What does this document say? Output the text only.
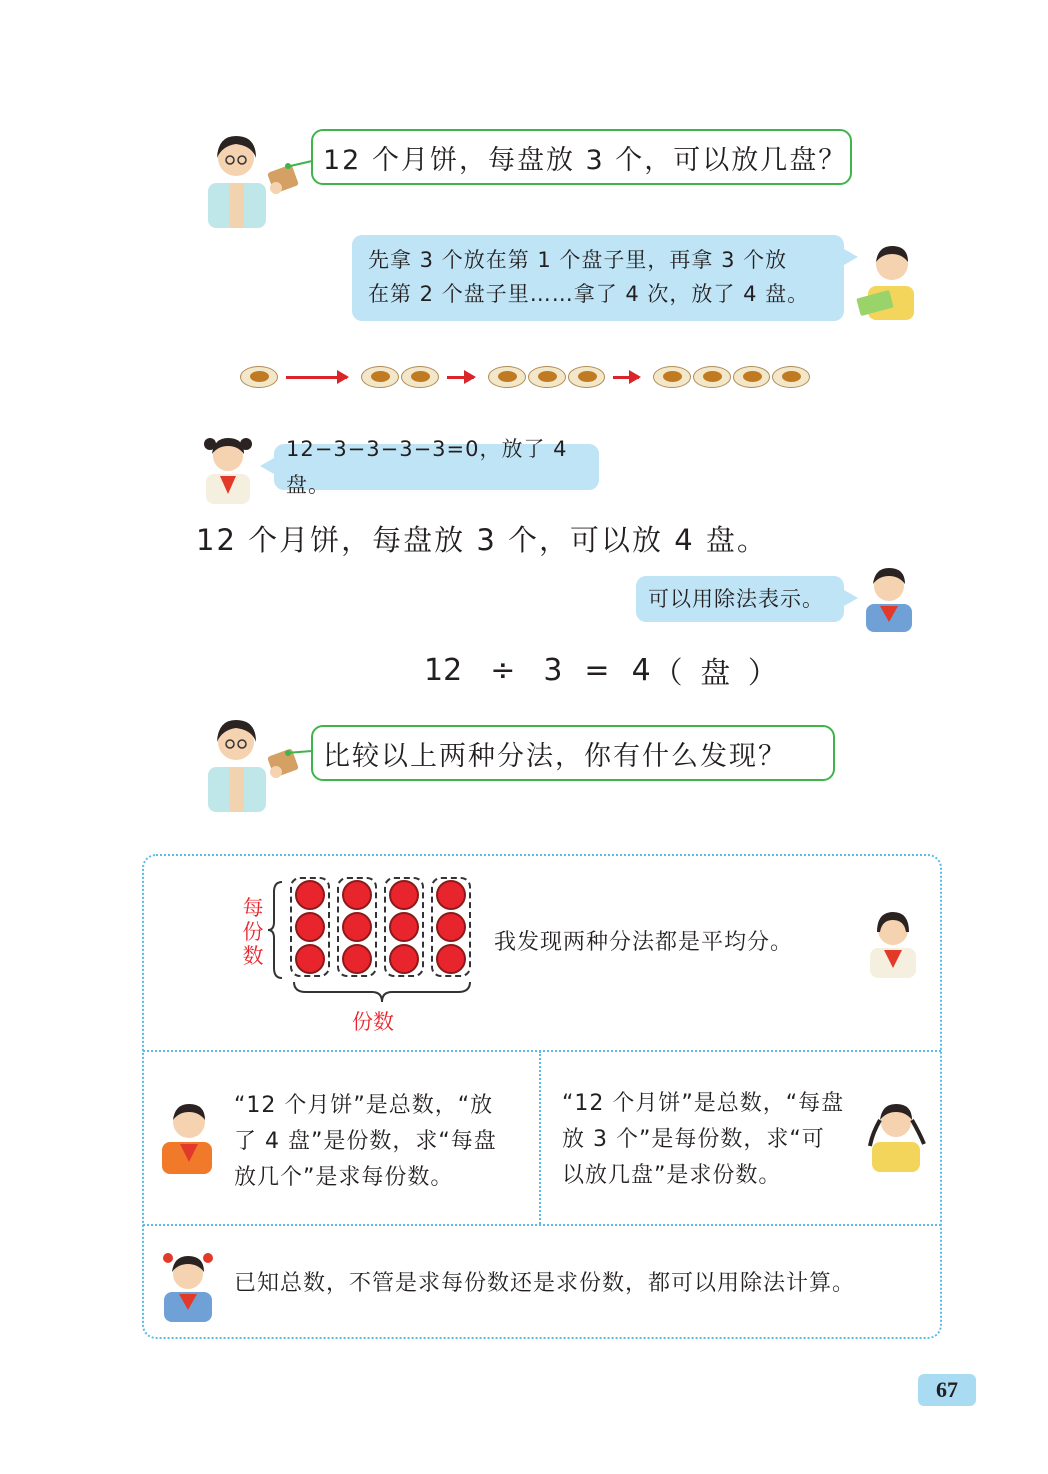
12 个月饼，每盘放 3 个，可以放几盘？
先拿 3 个放在第 1 个盘子里，再拿 3 个放
在第 2 个盘子里……拿了 4 次，放了 4 盘。
12−3−3−3−3=0，放了 4 盘。
12 个月饼，每盘放 3 个，可以放 4 盘。
可以用除法表示。
12 ÷ 3 = 4 （ 盘 ）
比较以上两种分法，你有什么发现？
每
份
数
份数
我发现两种分法都是平均分。
“12 个月饼”是总数，“放
了 4 盘”是份数，求“每盘
放几个”是求每份数。
“12 个月饼”是总数，“每盘
放 3 个”是每份数，求“可
以放几盘”是求份数。
已知总数，不管是求每份数还是求份数，都可以用除法计算。
67
